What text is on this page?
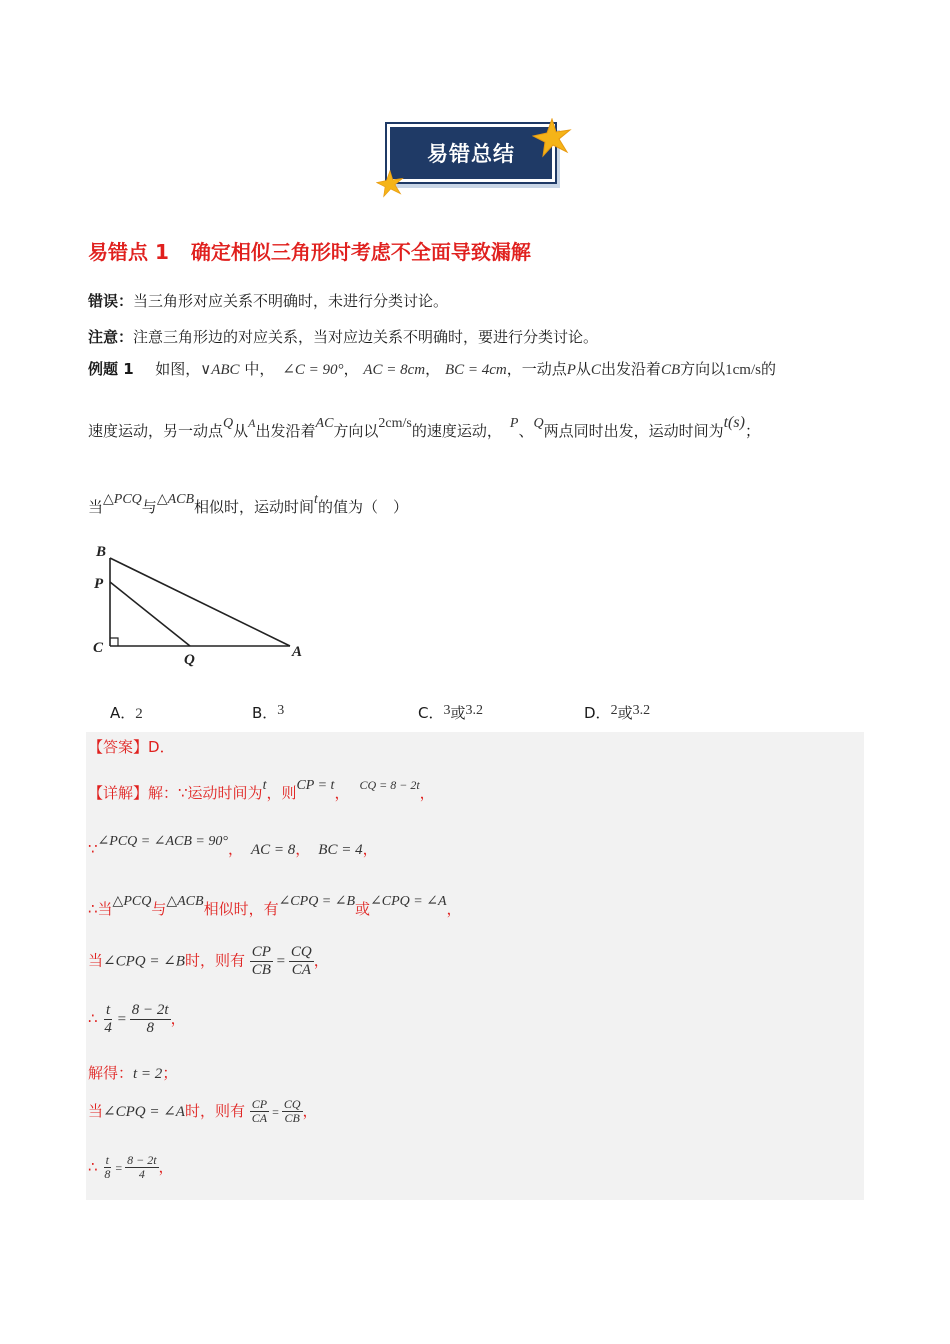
易错总结
易错点 1 确定相似三角形时考虑不全面导致漏解
错误：当三角形对应关系不明确时，未进行分类讨论。
注意：注意三角形边的对应关系，当对应边关系不明确时，要进行分类讨论。
例题 1 如图，∨ABC 中， ∠C = 90°， AC = 8cm， BC = 4cm，一动点P从C出发沿着CB方向以1cm/s的
速度运动，另一动点Q从$^A$出发沿着AC方向以2cm/s的速度运动， P、Q两点同时出发，运动时间为t(s)；
当△PCQ与△ACB相似时，运动时间t的值为（　）
B
P
C
Q	A
A．2	B．3	C．3或3.2	D．2或3.2
【答案】D．
【详解】解：∵运动时间为t，则CP = t， $^{CQ = 8 - 2t}$，
∵∠PCQ = ∠ACB = 90°， AC = 8， BC = 4，
∴当△PCQ与△ACB相似时，有∠CPQ = ∠B或∠CPQ = ∠A，
当∠CPQ = ∠B时，则有 $\frac{CP}{CB} = \frac{CQ}{CA}$ ，
∴ $\frac{t}{4} = \frac{8 - 2t}{8}$ ，
解得：t = 2；
当∠CPQ = ∠A时，则有 $\frac{CP}{CA} = \frac{CQ}{CB}$ ，
∴ $\frac{t}{8} = \frac{8 - 2t}{4}$ ，
